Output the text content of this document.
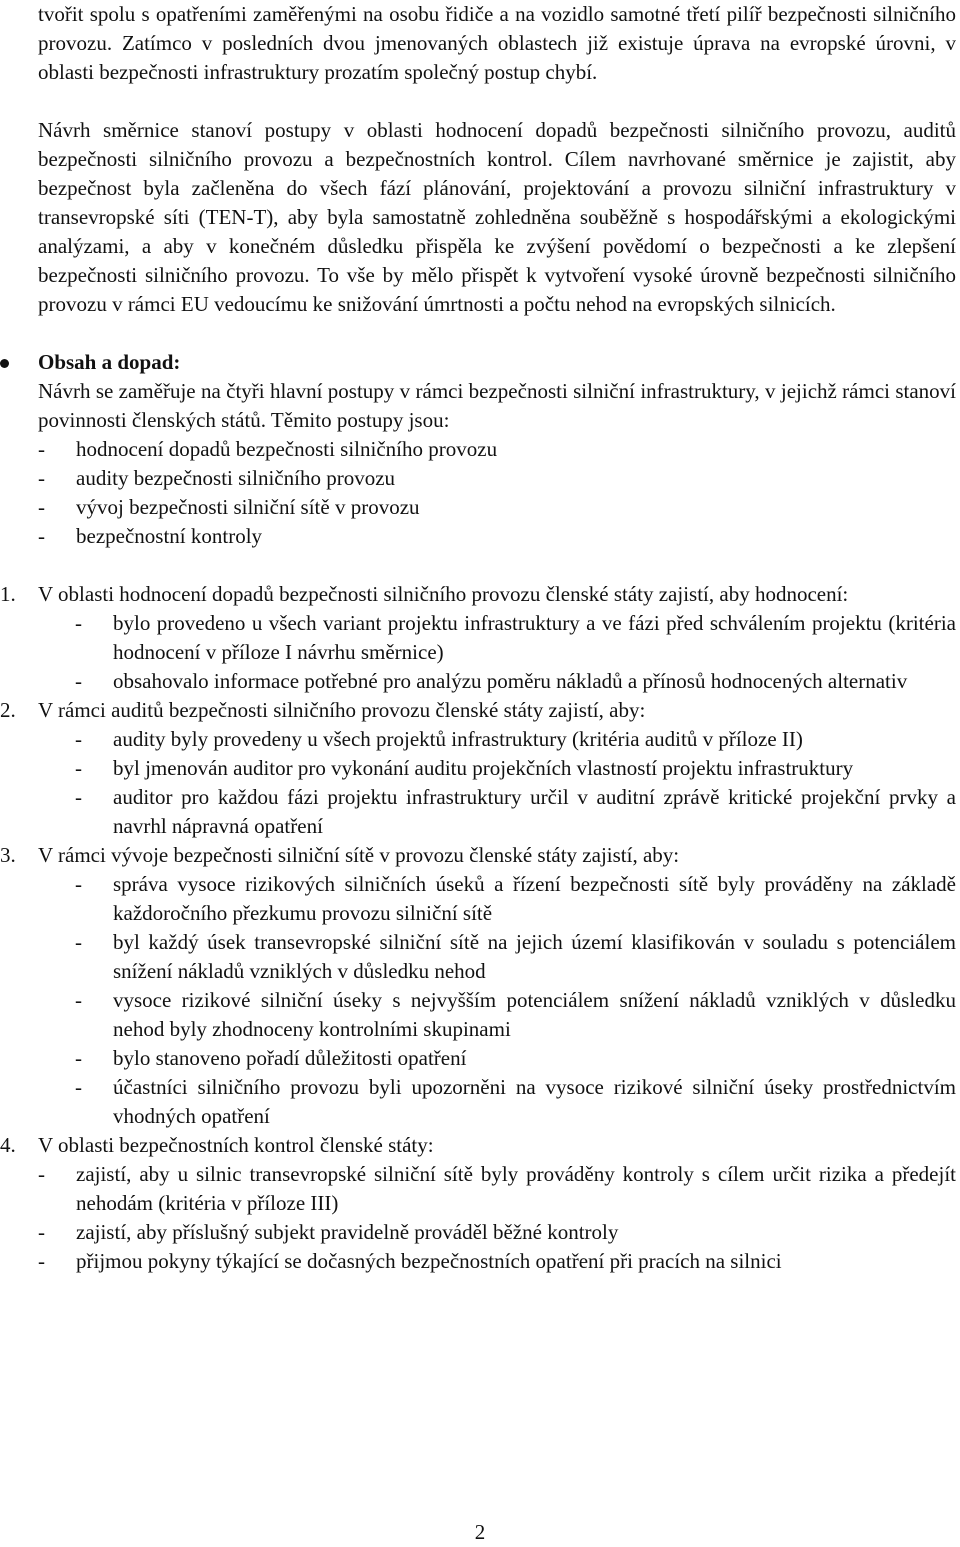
tvořit spolu s opatřeními zaměřenými na osobu řidiče a na vozidlo samotné třetí pilíř bezpečnosti silničního provozu. Zatímco v posledních dvou jmenovaných oblastech již existuje úprava na evropské úrovni, v oblasti bezpečnosti infrastruktury prozatím společný postup chybí.

Návrh směrnice stanoví postupy v oblasti hodnocení dopadů bezpečnosti silničního provozu, auditů bezpečnosti silničního provozu a bezpečnostních kontrol. Cílem navrhované směrnice je zajistit, aby bezpečnost byla začleněna do všech fází plánování, projektování a provozu silniční infrastruktury v transevropské síti (TEN-T), aby byla samostatně zohledněna souběžně s hospodářskými a ekologickými analýzami, a aby v konečném důsledku přispěla ke zvýšení povědomí o bezpečnosti a ke zlepšení bezpečnosti silničního provozu. To vše by mělo přispět k vytvoření vysoké úrovně bezpečnosti silničního provozu v rámci EU vedoucímu ke snižování úmrtnosti a počtu nehod na evropských silnicích.

Obsah a dopad:

Návrh se zaměřuje na čtyři hlavní postupy v rámci bezpečnosti silniční infrastruktury, v jejichž rámci stanoví povinnosti členských států. Těmito postupy jsou:

- hodnocení dopadů bezpečnosti silničního provozu
- audity bezpečnosti silničního provozu
- vývoj bezpečnosti silniční sítě v provozu
- bezpečnostní kontroly
1. V oblasti hodnocení dopadů bezpečnosti silničního provozu členské státy zajistí, aby hodnocení:

- bylo provedeno u všech variant projektu infrastruktury a ve fázi před schválením projektu (kritéria hodnocení v příloze I návrhu směrnice)
- obsahovalo informace potřebné pro analýzu poměru nákladů a přínosů hodnocených alternativ
2. V rámci auditů bezpečnosti silničního provozu členské státy zajistí, aby:

- audity byly provedeny u všech projektů infrastruktury (kritéria auditů v příloze II)
- byl jmenován auditor pro vykonání auditu projekčních vlastností projektu infrastruktury
- auditor pro každou fázi projektu infrastruktury určil v auditní zprávě kritické projekční prvky a navrhl nápravná opatření
3. V rámci vývoje bezpečnosti silniční sítě v provozu členské státy zajistí, aby:

- správa vysoce rizikových silničních úseků a řízení bezpečnosti sítě byly prováděny na základě každoročního přezkumu provozu silniční sítě
- byl každý úsek transevropské silniční sítě na jejich území klasifikován v souladu s potenciálem snížení nákladů vzniklých v důsledku nehod
- vysoce rizikové silniční úseky s nejvyšším potenciálem snížení nákladů vzniklých v důsledku nehod byly zhodnoceny kontrolními skupinami
- bylo stanoveno pořadí důležitosti opatření
- účastníci silničního provozu byli upozorněni na vysoce rizikové silniční úseky prostřednictvím vhodných opatření
4. V oblasti bezpečnostních kontrol členské státy:

- zajistí, aby u silnic transevropské silniční sítě byly prováděny kontroly s cílem určit rizika a předejít nehodám (kritéria v příloze III)
- zajistí, aby příslušný subjekt pravidelně prováděl běžné kontroly
- přijmou pokyny týkající se dočasných bezpečnostních opatření při pracích na silnici
2
